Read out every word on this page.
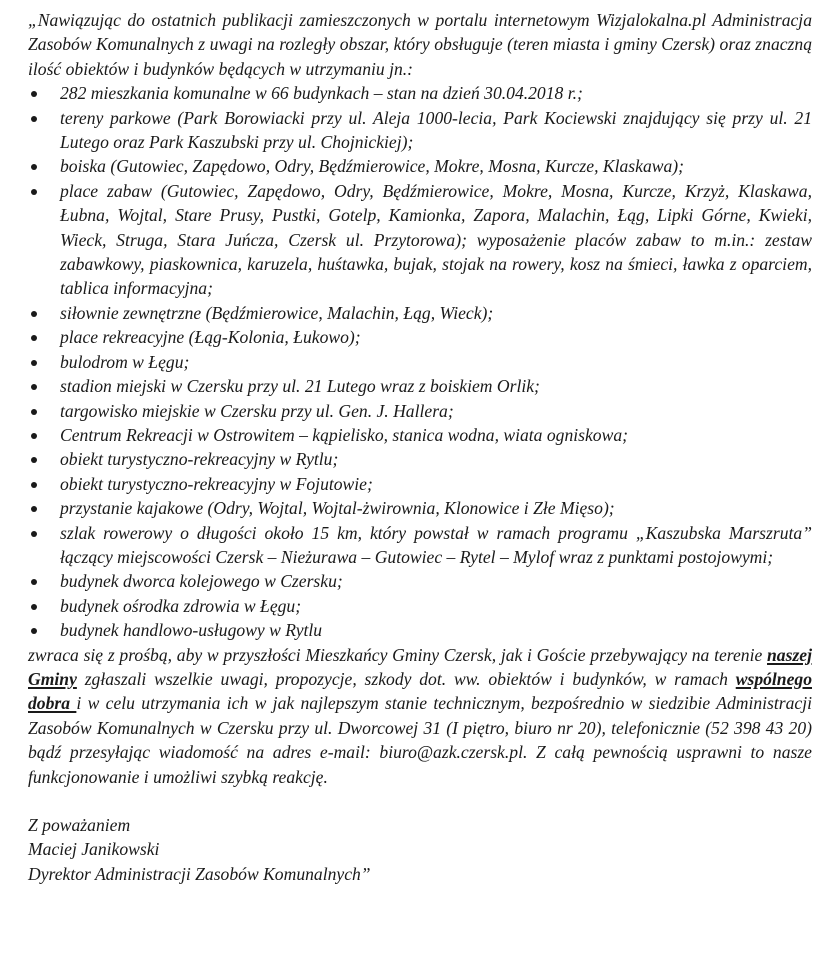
„Nawiązując do ostatnich publikacji zamieszczonych w portalu internetowym Wizjalokalna.pl Administracja Zasobów Komunalnych z uwagi na rozległy obszar, który obsługuje (teren miasta i gminy Czersk) oraz znaczną ilość obiektów i budynków będących w utrzymaniu jn.:

282 mieszkania komunalne w 66 budynkach – stan na dzień 30.04.2018 r.;
tereny parkowe (Park Borowiacki przy ul. Aleja 1000-lecia, Park Kociewski znajdujący się przy ul. 21 Lutego oraz Park Kaszubski przy ul. Chojnickiej);
boiska (Gutowiec, Zapędowo, Odry, Będźmierowice, Mokre, Mosna, Kurcze, Klaskawa);
place zabaw (Gutowiec, Zapędowo, Odry, Będźmierowice, Mokre, Mosna, Kurcze, Krzyż, Klaskawa, Łubna, Wojtal, Stare Prusy, Pustki, Gotelp, Kamionka, Zapora, Malachin, Łąg, Lipki Górne, Kwieki, Wieck, Struga, Stara Juńcza, Czersk ul. Przytorowa); wyposażenie placów zabaw to m.in.: zestaw zabawkowy, piaskownica, karuzela, huśtawka, bujak, stojak na rowery, kosz na śmieci, ławka z oparciem, tablica informacyjna;
siłownie zewnętrzne (Będźmierowice, Malachin, Łąg, Wieck);
place rekreacyjne (Łąg-Kolonia, Łukowo);
bulodrom w Łęgu;
stadion miejski w Czersku przy ul. 21 Lutego wraz z boiskiem Orlik;
targowisko miejskie w Czersku przy ul. Gen. J. Hallera;
Centrum Rekreacji w Ostrowitem – kąpielisko, stanica wodna, wiata ogniskowa;
obiekt turystyczno-rekreacyjny w Rytlu;
obiekt turystyczno-rekreacyjny w Fojutowie;
przystanie kajakowe (Odry, Wojtal, Wojtal-żwirownia, Klonowice i Złe Mięso);
szlak rowerowy o długości około 15 km, który powstał w ramach programu „Kaszubska Marszruta” łączący miejscowości Czersk – Nieżurawa – Gutowiec – Rytel – Mylof wraz z punktami postojowymi;
budynek dworca kolejowego w Czersku;
budynek ośrodka zdrowia w Łęgu;
budynek handlowo-usługowy w Rytlu

zwraca się z prośbą, aby w przyszłości Mieszkańcy Gminy Czersk, jak i Goście przebywający na terenie naszej Gminy zgłaszali wszelkie uwagi, propozycje, szkody dot. ww. obiektów i budynków, w ramach wspólnego dobra i w celu utrzymania ich w jak najlepszym stanie technicznym, bezpośrednio w siedzibie Administracji Zasobów Komunalnych w Czersku przy ul. Dworcowej 31 (I piętro, biuro nr 20), telefonicznie (52 398 43 20) bądź przesyłając wiadomość na adres e-mail: biuro@azk.czersk.pl. Z całą pewnością usprawni to nasze funkcjonowanie i umożliwi szybką reakcję.

Z poważaniem
Maciej Janikowski
Dyrektor Administracji Zasobów Komunalnych”
